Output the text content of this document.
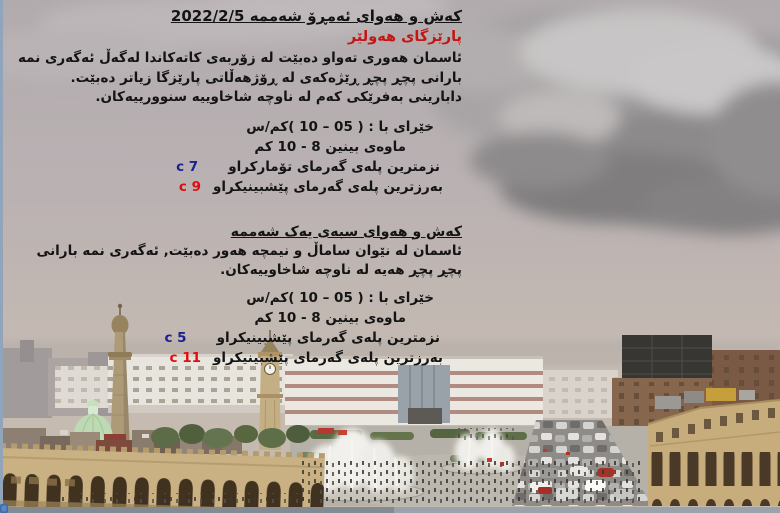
کەش و هەوای ئەمڕۆ شەممە 2022/2/5
پارێزگای هەولێر
ئاسمان هەوری تەواو دەبێت لە زۆربەی کاتەکاندا لەگەڵ ئەگەری نمە
بارانی پچڕ پچڕ ڕێژەکەی لە ڕۆژهەڵاتی پارێزگا زیاتر دەبێت.
دابارینی بەفرێکی کەم لە ناوچە شاخاوییە سنوورییەکان.
خێرای با : ( 05 – 10 )کم/س
ماوەی بینین 8 - 10 کم
نزمترین پلەی گەرمای تۆمارکراو7 c
بەرزترین پلەی گەرمای پێشبینیکراو9 c
کەش و هەوای سبەی یەک شەممە
ئاسمان لە نێوان ساماڵ و نیمچە هەور دەبێت, ئەگەری نمە بارانی
پچڕ پچڕ هەیە لە ناوچە شاخاوییەکان.
خێرای با : ( 05 – 10 )کم/س
ماوەی بینین 8 - 10 کم
نزمترین پلەی گەرمای پێشبینیکراو5 c
بەرزترین پلەی گەرمای پێشبینیکراو11 c
